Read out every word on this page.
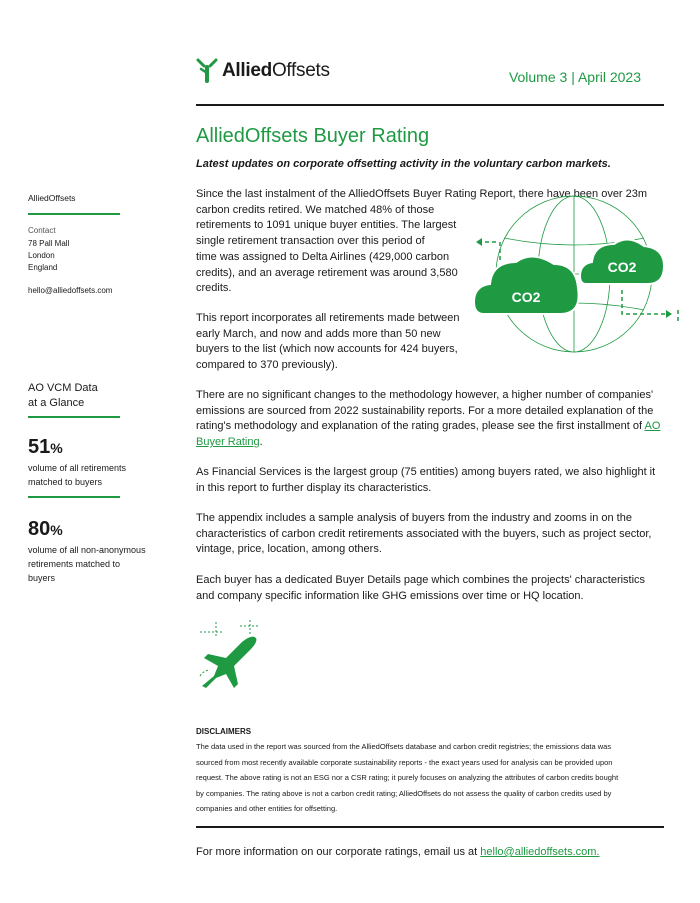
AlliedOffsets	Volume 3 | April 2023
AlliedOffsets Buyer Rating
Latest updates on corporate offsetting activity in the voluntary carbon markets.
AlliedOffsets
Contact
78 Pall Mall
London
England
hello@alliedoffsets.com
AO VCM Data
at a Glance
51%
volume of all retirements
matched to buyers
80%
volume of all non-anonymous
retirements matched to
buyers
Since the last instalment of the AlliedOffsets Buyer Rating Report, there have been over 23m
carbon credits retired. We matched 48% of those
retirements to 1091 unique buyer entities. The largest
single retirement transaction over this period of
time was assigned to Delta Airlines (429,000 carbon
credits), and an average retirement was around 3,580
credits.
This report incorporates all retirements made between
early March, and now and adds more than 50 new
buyers to the list (which now accounts for 424 buyers,
compared to 370 previously).
There are no significant changes to the methodology however, a higher number of companies'
emissions are sourced from 2022 sustainability reports. For a more detailed explanation of the
rating's methodology and explanation of the rating grades, please see the first installment of AO
Buyer Rating.
As Financial Services is the largest group (75 entities) among buyers rated, we also highlight it
in this report to further display its characteristics.
The appendix includes a sample analysis of buyers from the industry and zooms in on the
characteristics of carbon credit retirements associated with the buyers, such as project sector,
vintage, price, location, among others.
Each buyer has a dedicated Buyer Details page which combines the projects' characteristics
and company specific information like GHG emissions over time or HQ location.
CO2
CO2
DISCLAIMERS
The data used in the report was sourced from the AlliedOffsets database and carbon credit registries; the emissions data was
sourced from most recently available corporate sustainability reports - the exact years used for analysis can be provided upon
request. The above rating is not an ESG nor a CSR rating; it purely focuses on analyzing the attributes of carbon credits bought
by companies. The rating above is not a carbon credit rating; AlliedOffsets do not assess the quality of carbon credits used by
companies and other entities for offsetting.
For more information on our corporate ratings, email us at hello@alliedoffsets.com.
